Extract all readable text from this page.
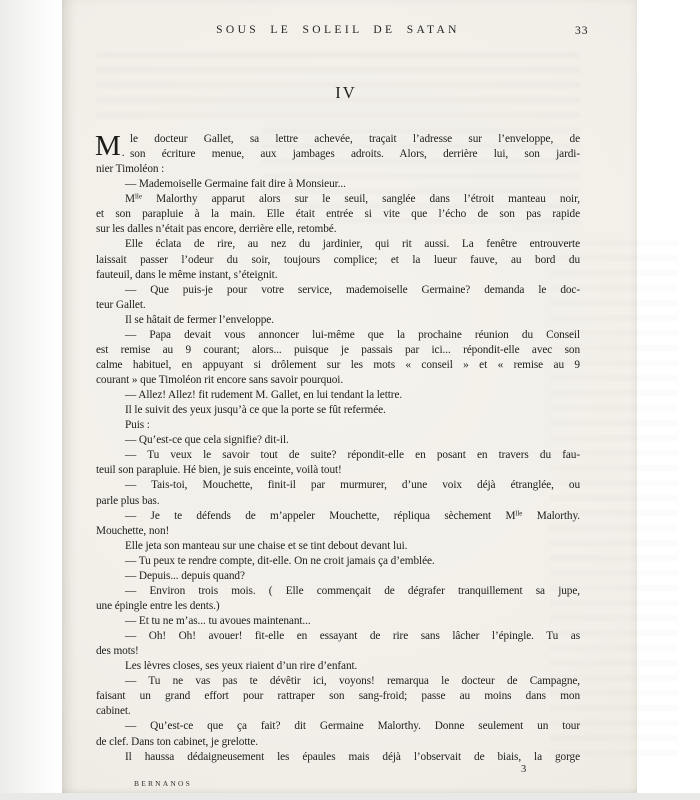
SOUS LE SOLEIL DE SATAN	33
IV
M .
le docteur Gallet, sa lettre achevée, traçait l’adresse sur l’enveloppe, de
son écriture menue, aux jambages adroits. Alors, derrière lui, son jardi-
nier Timoléon :
— Mademoiselle Germaine fait dire à Monsieur...
$M^{lle}$ Malorthy apparut alors sur le seuil, sanglée dans l’étroit manteau noir,
et son parapluie à la main. Elle était entrée si vite que l’écho de son pas rapide
sur les dalles n’était pas encore, derrière elle, retombé.
Elle éclata de rire, au nez du jardinier, qui rit aussi. La fenêtre entrouverte
laissait passer l’odeur du soir, toujours complice; et la lueur fauve, au bord du
fauteuil, dans le même instant, s’éteignit.
— Que puis-je pour votre service, mademoiselle Germaine? demanda le doc-
teur Gallet.
Il se hâtait de fermer l’enveloppe.
— Papa devait vous annoncer lui-même que la prochaine réunion du Conseil
est remise au 9 courant; alors... puisque je passais par ici... répondit-elle avec son
calme habituel, en appuyant si drôlement sur les mots « conseil » et « remise au 9
courant » que Timoléon rit encore sans savoir pourquoi.
— Allez! Allez! fit rudement M. Gallet, en lui tendant la lettre.
Il le suivit des yeux jusqu’à ce que la porte se fût refermée.
Puis :
— Qu’est-ce que cela signifie? dit-il.
— Tu veux le savoir tout de suite? répondit-elle en posant en travers du fau-
teuil son parapluie. Hé bien, je suis enceinte, voilà tout!
— Tais-toi, Mouchette, finit-il par murmurer, d’une voix déjà étranglée, ou
parle plus bas.
— Je te défends de m’appeler Mouchette, répliqua sèchement $M^{lle}$ Malorthy.
Mouchette, non!
Elle jeta son manteau sur une chaise et se tint debout devant lui.
— Tu peux te rendre compte, dit-elle. On ne croit jamais ça d’emblée.
— Depuis... depuis quand?
— Environ trois mois. ( Elle commençait de dégrafer tranquillement sa jupe,
une épingle entre les dents.)
— Et tu ne m’as... tu avoues maintenant...
— Oh! Oh! avouer! fit-elle en essayant de rire sans lâcher l’épingle. Tu as
des mots!
Les lèvres closes, ses yeux riaient d’un rire d’enfant.
— Tu ne vas pas te dévêtir ici, voyons! remarqua le docteur de Campagne,
faisant un grand effort pour rattraper son sang-froid; passe au moins dans mon
cabinet.
— Qu’est-ce que ça fait? dit Germaine Malorthy. Donne seulement un tour
de clef. Dans ton cabinet, je grelotte.
Il haussa dédaigneusement les épaules mais déjà l’observait de biais, la gorge
3
BERNANOS
